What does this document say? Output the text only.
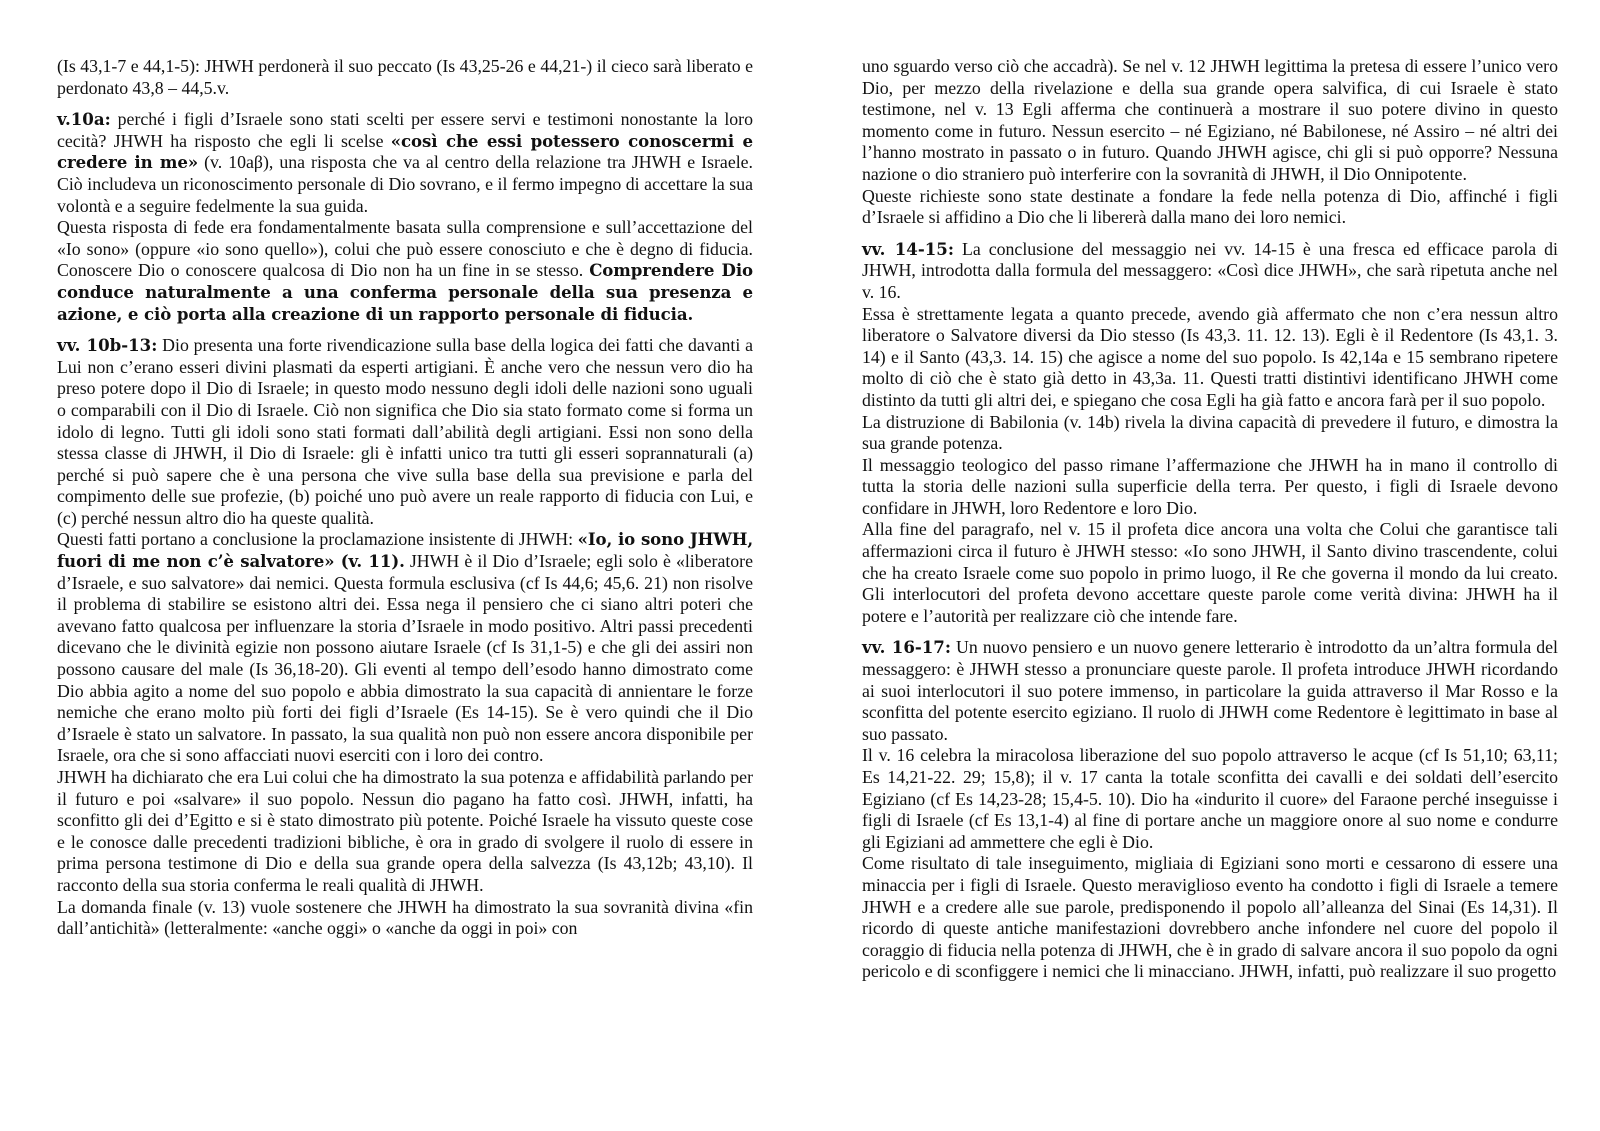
(Is 43,1-7 e 44,1-5): JHWH perdonerà il suo peccato (Is 43,25-26 e 44,21-) il cieco sarà liberato e perdonato 43,8 – 44,5.v.

v.10a: perché i figli d’Israele sono stati scelti per essere servi e testimoni nonostante la loro cecità? JHWH ha risposto che egli li scelse «così che essi potessero conoscermi e credere in me» (v. 10aβ), una risposta che va al centro della relazione tra JHWH e Israele. Ciò includeva un riconoscimento personale di Dio sovrano, e il fermo impegno di accettare la sua volontà e a seguire fedelmente la sua guida.

Questa risposta di fede era fondamentalmente basata sulla comprensione e sull’accettazione del «Io sono» (oppure «io sono quello»), colui che può essere conosciuto e che è degno di fiducia. Conoscere Dio o conoscere qualcosa di Dio non ha un fine in se stesso. Comprendere Dio conduce naturalmente a una conferma personale della sua presenza e azione, e ciò porta alla creazione di un rapporto personale di fiducia.

vv. 10b-13: Dio presenta una forte rivendicazione sulla base della logica dei fatti che davanti a Lui non c’erano esseri divini plasmati da esperti artigiani. È anche vero che nessun vero dio ha preso potere dopo il Dio di Israele; in questo modo nessuno degli idoli delle nazioni sono uguali o comparabili con il Dio di Israele. Ciò non significa che Dio sia stato formato come si forma un idolo di legno. Tutti gli idoli sono stati formati dall’abilità degli artigiani. Essi non sono della stessa classe di JHWH, il Dio di Israele: gli è infatti unico tra tutti gli esseri soprannaturali (a) perché si può sapere che è una persona che vive sulla base della sua previsione e parla del compimento delle sue profezie, (b) poiché uno può avere un reale rapporto di fiducia con Lui, e (c) perché nessun altro dio ha queste qualità.

Questi fatti portano a conclusione la proclamazione insistente di JHWH: «Io, io sono JHWH, fuori di me non c’è salvatore» (v. 11). JHWH è il Dio d’Israele; egli solo è «liberatore d’Israele, e suo salvatore» dai nemici. Questa formula esclusiva (cf Is 44,6; 45,6. 21) non risolve il problema di stabilire se esistono altri dei. Essa nega il pensiero che ci siano altri poteri che avevano fatto qualcosa per influenzare la storia d’Israele in modo positivo. Altri passi precedenti dicevano che le divinità egizie non possono aiutare Israele (cf Is 31,1-5) e che gli dei assiri non possono causare del male (Is 36,18-20). Gli eventi al tempo dell’esodo hanno dimostrato come Dio abbia agito a nome del suo popolo e abbia dimostrato la sua capacità di annientare le forze nemiche che erano molto più forti dei figli d’Israele (Es 14-15). Se è vero quindi che il Dio d’Israele è stato un salvatore. In passato, la sua qualità non può non essere ancora disponibile per Israele, ora che si sono affacciati nuovi eserciti con i loro dei contro.

JHWH ha dichiarato che era Lui colui che ha dimostrato la sua potenza e affidabilità parlando per il futuro e poi «salvare» il suo popolo. Nessun dio pagano ha fatto così. JHWH, infatti, ha sconfitto gli dei d’Egitto e si è stato dimostrato più potente. Poiché Israele ha vissuto queste cose e le conosce dalle precedenti tradizioni bibliche, è ora in grado di svolgere il ruolo di essere in prima persona testimone di Dio e della sua grande opera della salvezza (Is 43,12b; 43,10). Il racconto della sua storia conferma le reali qualità di JHWH.

La domanda finale (v. 13) vuole sostenere che JHWH ha dimostrato la sua sovranità divina «fin dall’antichità» (letteralmente: «anche oggi» o «anche da oggi in poi» con

uno sguardo verso ciò che accadrà). Se nel v. 12 JHWH legittima la pretesa di essere l’unico vero Dio, per mezzo della rivelazione e della sua grande opera salvifica, di cui Israele è stato testimone, nel v. 13 Egli afferma che continuerà a mostrare il suo potere divino in questo momento come in futuro. Nessun esercito – né Egiziano, né Babilonese, né Assiro – né altri dei l’hanno mostrato in passato o in futuro. Quando JHWH agisce, chi gli si può opporre? Nessuna nazione o dio straniero può interferire con la sovranità di JHWH, il Dio Onnipotente.

Queste richieste sono state destinate a fondare la fede nella potenza di Dio, affinché i figli d’Israele si affidino a Dio che li libererà dalla mano dei loro nemici.

vv. 14-15: La conclusione del messaggio nei vv. 14-15 è una fresca ed efficace parola di JHWH, introdotta dalla formula del messaggero: «Così dice JHWH», che sarà ripetuta anche nel v. 16.

Essa è strettamente legata a quanto precede, avendo già affermato che non c’era nessun altro liberatore o Salvatore diversi da Dio stesso (Is 43,3. 11. 12. 13). Egli è il Redentore (Is 43,1. 3. 14) e il Santo (43,3. 14. 15) che agisce a nome del suo popolo. Is 42,14a e 15 sembrano ripetere molto di ciò che è stato già detto in 43,3a. 11. Questi tratti distintivi identificano JHWH come distinto da tutti gli altri dei, e spiegano che cosa Egli ha già fatto e ancora farà per il suo popolo.

La distruzione di Babilonia (v. 14b) rivela la divina capacità di prevedere il futuro, e dimostra la sua grande potenza.

Il messaggio teologico del passo rimane l’affermazione che JHWH ha in mano il controllo di tutta la storia delle nazioni sulla superficie della terra. Per questo, i figli di Israele devono confidare in JHWH, loro Redentore e loro Dio.

Alla fine del paragrafo, nel v. 15 il profeta dice ancora una volta che Colui che garantisce tali affermazioni circa il futuro è JHWH stesso: «Io sono JHWH, il Santo divino trascendente, colui che ha creato Israele come suo popolo in primo luogo, il Re che governa il mondo da lui creato. Gli interlocutori del profeta devono accettare queste parole come verità divina: JHWH ha il potere e l’autorità per realizzare ciò che intende fare.

vv. 16-17: Un nuovo pensiero e un nuovo genere letterario è introdotto da un’altra formula del messaggero: è JHWH stesso a pronunciare queste parole. Il profeta introduce JHWH ricordando ai suoi interlocutori il suo potere immenso, in particolare la guida attraverso il Mar Rosso e la sconfitta del potente esercito egiziano. Il ruolo di JHWH come Redentore è legittimato in base al suo passato.

Il v. 16 celebra la miracolosa liberazione del suo popolo attraverso le acque (cf Is 51,10; 63,11; Es 14,21-22. 29; 15,8); il v. 17 canta la totale sconfitta dei cavalli e dei soldati dell’esercito Egiziano (cf Es 14,23-28; 15,4-5. 10). Dio ha «indurito il cuore» del Faraone perché inseguisse i figli di Israele (cf Es 13,1-4) al fine di portare anche un maggiore onore al suo nome e condurre gli Egiziani ad ammettere che egli è Dio.

Come risultato di tale inseguimento, migliaia di Egiziani sono morti e cessarono di essere una minaccia per i figli di Israele. Questo meraviglioso evento ha condotto i figli di Israele a temere JHWH e a credere alle sue parole, predisponendo il popolo all’alleanza del Sinai (Es 14,31). Il ricordo di queste antiche manifestazioni dovrebbero anche infondere nel cuore del popolo il coraggio di fiducia nella potenza di JHWH, che è in grado di salvare ancora il suo popolo da ogni pericolo e di sconfiggere i nemici che li minacciano. JHWH, infatti, può realizzare il suo progetto
